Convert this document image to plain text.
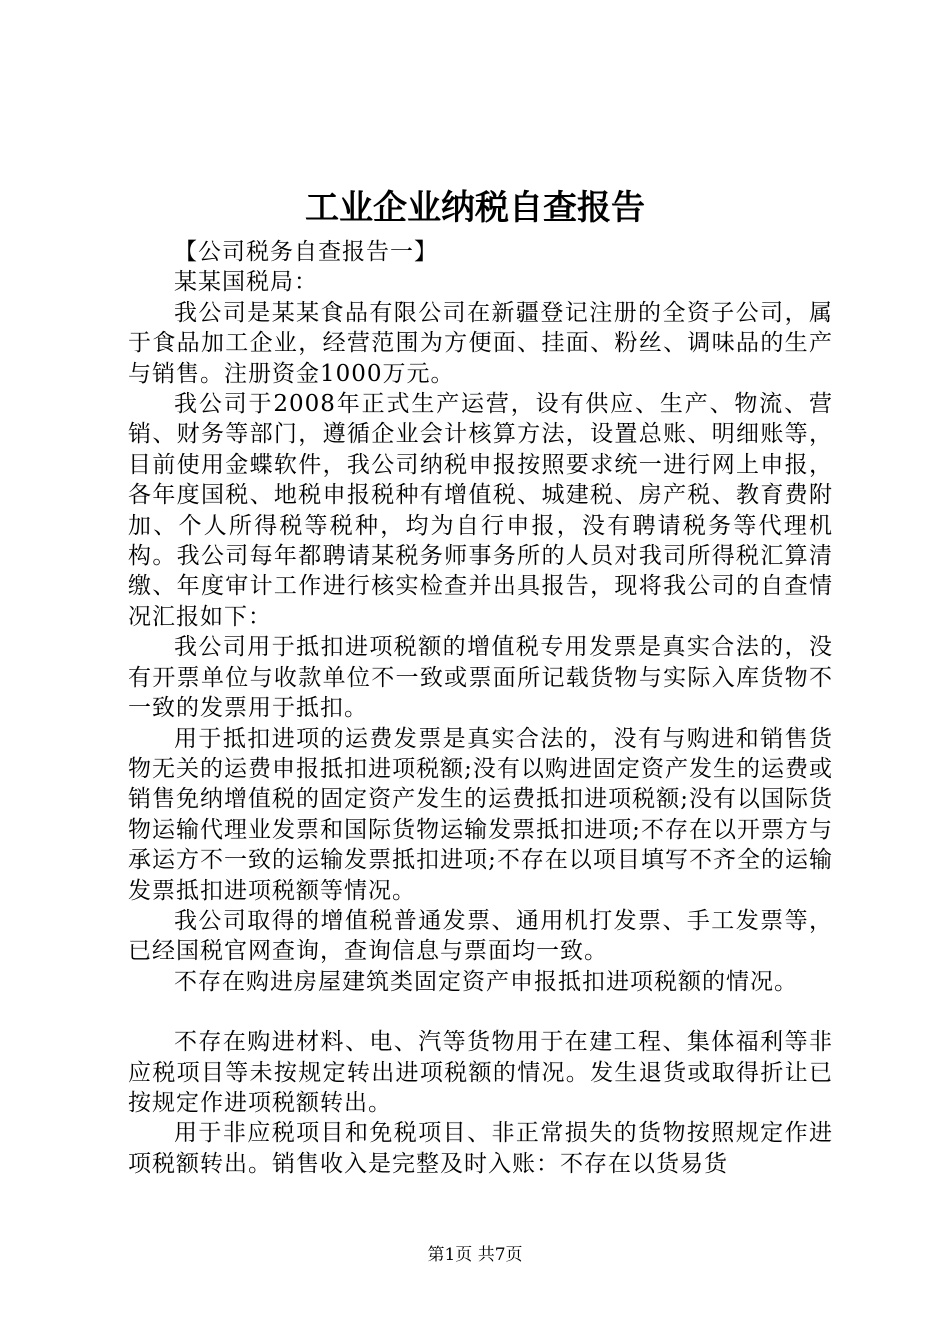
工业企业纳税自查报告

【公司税务自查报告一】

某某国税局：

我公司是某某食品有限公司在新疆登记注册的全资子公司，属于食品加工企业，经营范围为方便面、挂面、粉丝、调味品的生产与销售。注册资金1000万元。

我公司于2008年正式生产运营，设有供应、生产、物流、营销、财务等部门，遵循企业会计核算方法，设置总账、明细账等，目前使用金蝶软件，我公司纳税申报按照要求统一进行网上申报，各年度国税、地税申报税种有增值税、城建税、房产税、教育费附加、个人所得税等税种，均为自行申报，没有聘请税务等代理机构。我公司每年都聘请某税务师事务所的人员对我司所得税汇算清缴、年度审计工作进行核实检查并出具报告，现将我公司的自查情况汇报如下：

我公司用于抵扣进项税额的增值税专用发票是真实合法的，没有开票单位与收款单位不一致或票面所记载货物与实际入库货物不一致的发票用于抵扣。

用于抵扣进项的运费发票是真实合法的，没有与购进和销售货物无关的运费申报抵扣进项税额;没有以购进固定资产发生的运费或销售免纳增值税的固定资产发生的运费抵扣进项税额;没有以国际货物运输代理业发票和国际货物运输发票抵扣进项;不存在以开票方与承运方不一致的运输发票抵扣进项;不存在以项目填写不齐全的运输发票抵扣进项税额等情况。

我公司取得的增值税普通发票、通用机打发票、手工发票等，已经国税官网查询，查询信息与票面均一致。

不存在购进房屋建筑类固定资产申报抵扣进项税额的情况。

不存在购进材料、电、汽等货物用于在建工程、集体福利等非应税项目等未按规定转出进项税额的情况。发生退货或取得折让已按规定作进项税额转出。

用于非应税项目和免税项目、非正常损失的货物按照规定作进项税额转出。销售收入是完整及时入账：不存在以货易货

第1页 共7页
